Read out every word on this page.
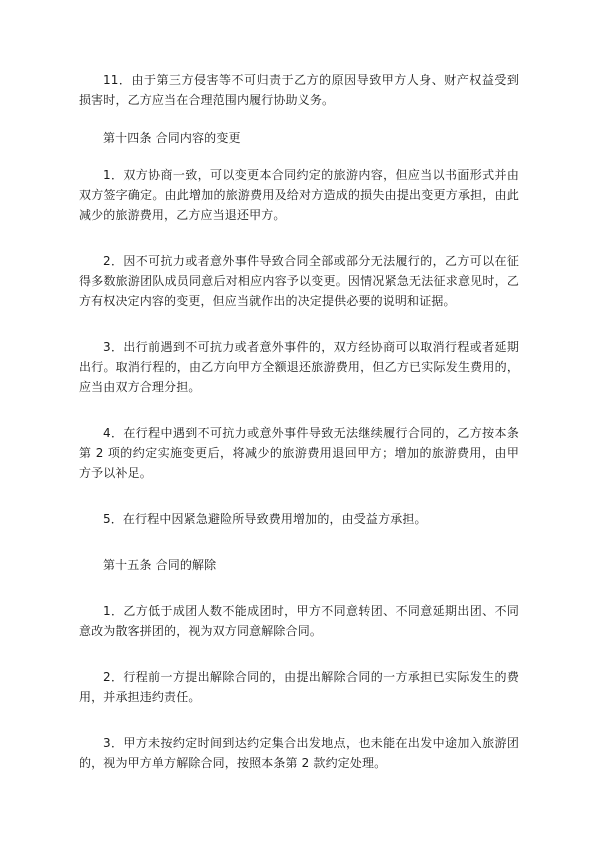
11．由于第三方侵害等不可归责于乙方的原因导致甲方人身、财产权益受到损害时，乙方应当在合理范围内履行协助义务。

第十四条 合同内容的变更

1．双方协商一致，可以变更本合同约定的旅游内容，但应当以书面形式并由双方签字确定。由此增加的旅游费用及给对方造成的损失由提出变更方承担，由此减少的旅游费用，乙方应当退还甲方。

2．因不可抗力或者意外事件导致合同全部或部分无法履行的，乙方可以在征得多数旅游团队成员同意后对相应内容予以变更。因情况紧急无法征求意见时，乙方有权决定内容的变更，但应当就作出的决定提供必要的说明和证据。

3．出行前遇到不可抗力或者意外事件的，双方经协商可以取消行程或者延期出行。取消行程的，由乙方向甲方全额退还旅游费用，但乙方已实际发生费用的，应当由双方合理分担。

4．在行程中遇到不可抗力或意外事件导致无法继续履行合同的，乙方按本条第 2 项的约定实施变更后，将减少的旅游费用退回甲方；增加的旅游费用，由甲方予以补足。

5．在行程中因紧急避险所导致费用增加的，由受益方承担。

第十五条 合同的解除

1．乙方低于成团人数不能成团时，甲方不同意转团、不同意延期出团、不同意改为散客拼团的，视为双方同意解除合同。

2．行程前一方提出解除合同的，由提出解除合同的一方承担已实际发生的费用，并承担违约责任。

3．甲方未按约定时间到达约定集合出发地点，也未能在出发中途加入旅游团的，视为甲方单方解除合同，按照本条第 2 款约定处理。
